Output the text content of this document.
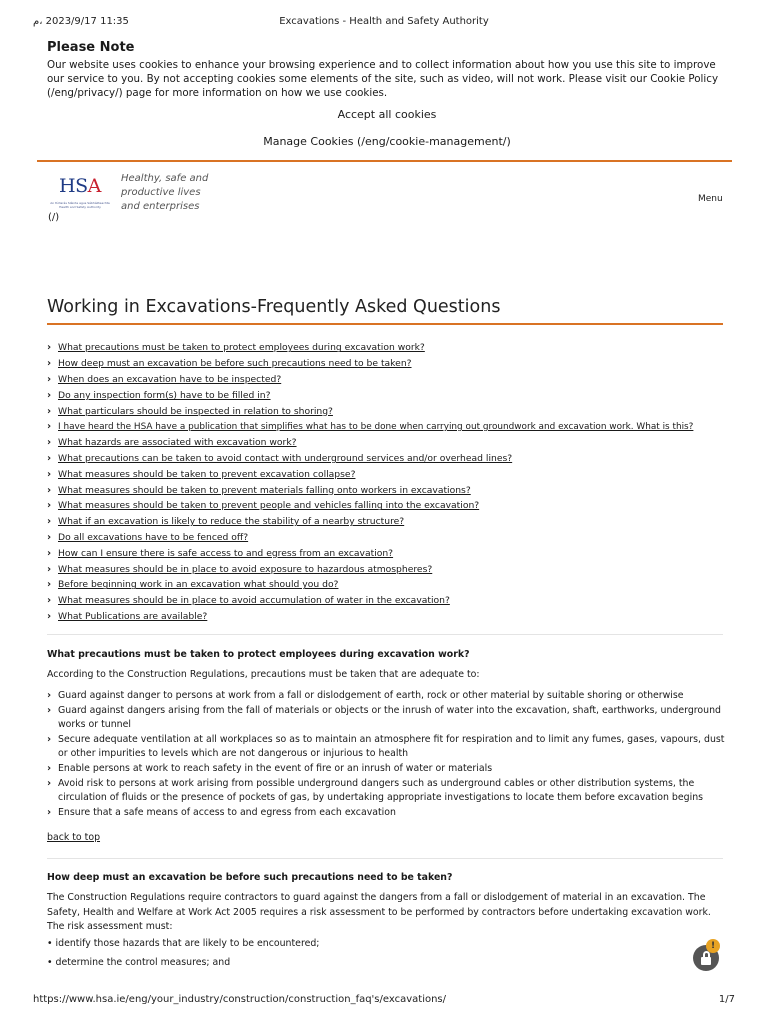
11:35 2023/9/17 ،م	Excavations - Health and Safety Authority
Please Note

Our website uses cookies to enhance your browsing experience and to collect information about how you use this site to improve our service to you. By not accepting cookies some elements of the site, such as video, will not work. Please visit our Cookie Policy (/eng/privacy/) page for more information on how we use cookies.

Accept all cookies
Manage Cookies (/eng/cookie-management/)
HSA
An tÚdarás Sláinte agus Sábháilteachta Health and Safety Authority
(/)
Healthy, safe and productive lives and enterprises
Menu
Working in Excavations-Frequently Asked Questions
› What precautions must be taken to protect employees during excavation work?
› How deep must an excavation be before such precautions need to be taken?
› When does an excavation have to be inspected?
› Do any inspection form(s) have to be filled in?
› What particulars should be inspected in relation to shoring?
› I have heard the HSA have a publication that simplifies what has to be done when carrying out groundwork and excavation work. What is this?
› What hazards are associated with excavation work?
› What precautions can be taken to avoid contact with underground services and/or overhead lines?
› What measures should be taken to prevent excavation collapse?
› What measures should be taken to prevent materials falling onto workers in excavations?
› What measures should be taken to prevent people and vehicles falling into the excavation?
› What if an excavation is likely to reduce the stability of a nearby structure?
› Do all excavations have to be fenced off?
› How can I ensure there is safe access to and egress from an excavation?
› What measures should be in place to avoid exposure to hazardous atmospheres?
› Before beginning work in an excavation what should you do?
› What measures should be in place to avoid accumulation of water in the excavation?
› What Publications are available?
What precautions must be taken to protect employees during excavation work?
According to the Construction Regulations, precautions must be taken that are adequate to:
› Guard against danger to persons at work from a fall or dislodgement of earth, rock or other material by suitable shoring or otherwise
› Guard against dangers arising from the fall of materials or objects or the inrush of water into the excavation, shaft, earthworks, underground works or tunnel
› Secure adequate ventilation at all workplaces so as to maintain an atmosphere fit for respiration and to limit any fumes, gases, vapours, dust or other impurities to levels which are not dangerous or injurious to health
› Enable persons at work to reach safety in the event of fire or an inrush of water or materials
› Avoid risk to persons at work arising from possible underground dangers such as underground cables or other distribution systems, the circulation of fluids or the presence of pockets of gas, by undertaking appropriate investigations to locate them before excavation begins
› Ensure that a safe means of access to and egress from each excavation
back to top
How deep must an excavation be before such precautions need to be taken?
The Construction Regulations require contractors to guard against the dangers from a fall or dislodgement of material in an excavation. The Safety, Health and Welfare at Work Act 2005 requires a risk assessment to be performed by contractors before undertaking excavation work. The risk assessment must:
• identify those hazards that are likely to be encountered;
• determine the control measures; and
!
https://www.hsa.ie/eng/your_industry/construction/construction_faq's/excavations/	1/7
